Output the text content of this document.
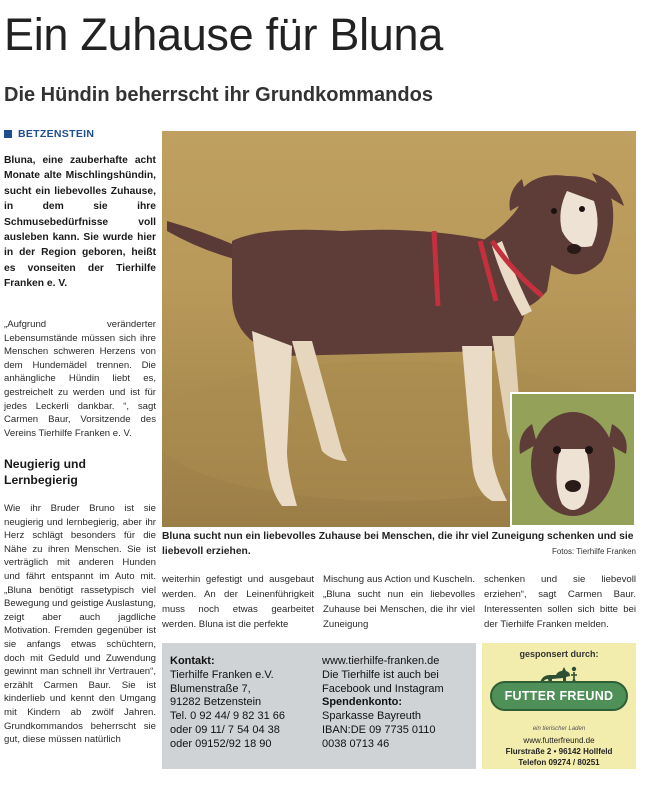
Ein Zuhause für Bluna
Die Hündin beherrscht ihr Grundkommandos
BETZENSTEIN

Bluna, eine zauberhafte acht Monate alte Mischlingshündin, sucht ein liebevolles Zuhause, in dem sie ihre Schmusebedürfnisse voll ausleben kann. Sie wurde hier in der Region geboren, heißt es vonseiten der Tierhilfe Franken e. V.

„Aufgrund veränderter Lebensumstände müssen sich ihre Menschen schweren Herzens von dem Hundemädel trennen. Die anhängliche Hündin liebt es, gestreichelt zu werden und ist für jedes Leckerli dankbar. “, sagt Carmen Baur, Vorsitzende des Vereins Tierhilfe Franken e. V.

Neugierig und Lernbegierig

Wie ihr Bruder Bruno ist sie neugierig und lernbegierig, aber ihr Herz schlägt besonders für die Nähe zu ihren Menschen. Sie ist verträglich mit anderen Hunden und fährt entspannt im Auto mit. „Bluna benötigt rassetypisch viel Bewegung und geistige Auslastung, zeigt aber auch jagdliche Motivation. Fremden gegenüber ist sie anfangs etwas schüchtern, doch mit Geduld und Zuwendung gewinnt man schnell ihr Vertrauen“, erzählt Carmen Baur. Sie ist kinderlieb und kennt den Umgang mit Kindern ab zwölf Jahren. Grundkommandos beherrscht sie gut, diese müssen natürlich

Bluna sucht nun ein liebevolles Zuhause bei Menschen, die ihr viel Zuneigung schenken und sie liebevoll erziehen.	Fotos: Tierhilfe Franken

weiterhin gefestigt und ausgebaut werden. An der Leinenführigkeit muss noch etwas gearbeitet werden. Bluna ist die perfekte

Mischung aus Action und Kuscheln. „Bluna sucht nun ein liebevolles Zuhause bei Menschen, die ihr viel Zuneigung

schenken und sie liebevoll erziehen“, sagt Carmen Baur. Interessenten sollen sich bitte bei der Tierhilfe Franken melden.

Kontakt:
Tierhilfe Franken e.V.
Blumenstraße 7,
91282 Betzenstein
Tel. 0 92 44/ 9 82 31 66
oder 09 11/ 7 54 04 38
oder 09152/92 18 90
www.tierhilfe-franken.de
Die Tierhilfe ist auch bei
Facebook und Instagram
Spendenkonto:
Sparkasse Bayreuth
IBAN:DE 09 7735 0110
0038 0713 46
gesponsert durch:
FUTTER FREUND
ein tierischer Laden
www.futterfreund.de
Flurstraße 2 • 96142 Hollfeld
Telefon 09274 / 80251
